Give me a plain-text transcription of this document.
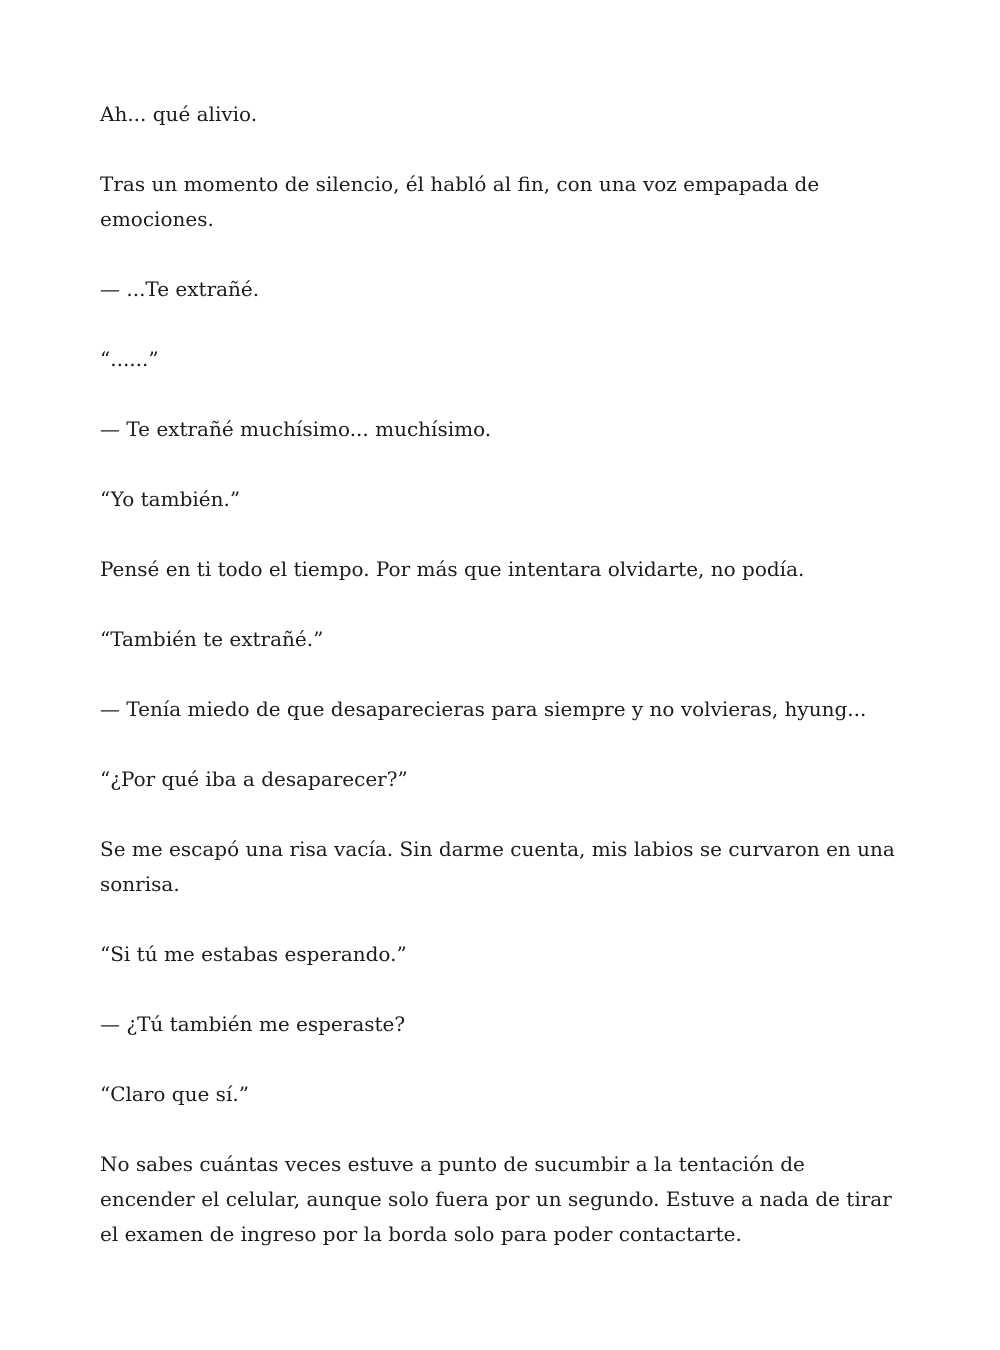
Ah... qué alivio.

Tras un momento de silencio, él habló al fin, con una voz empapada de emociones.

— ...Te extrañé.

“......”

— Te extrañé muchísimo... muchísimo.

“Yo también.”

Pensé en ti todo el tiempo. Por más que intentara olvidarte, no podía.

“También te extrañé.”

— Tenía miedo de que desaparecieras para siempre y no volvieras, hyung...

“¿Por qué iba a desaparecer?”

Se me escapó una risa vacía. Sin darme cuenta, mis labios se curvaron en una sonrisa.

“Si tú me estabas esperando.”

— ¿Tú también me esperaste?

“Claro que sí.”

No sabes cuántas veces estuve a punto de sucumbir a la tentación de encender el celular, aunque solo fuera por un segundo. Estuve a nada de tirar el examen de ingreso por la borda solo para poder contactarte.
